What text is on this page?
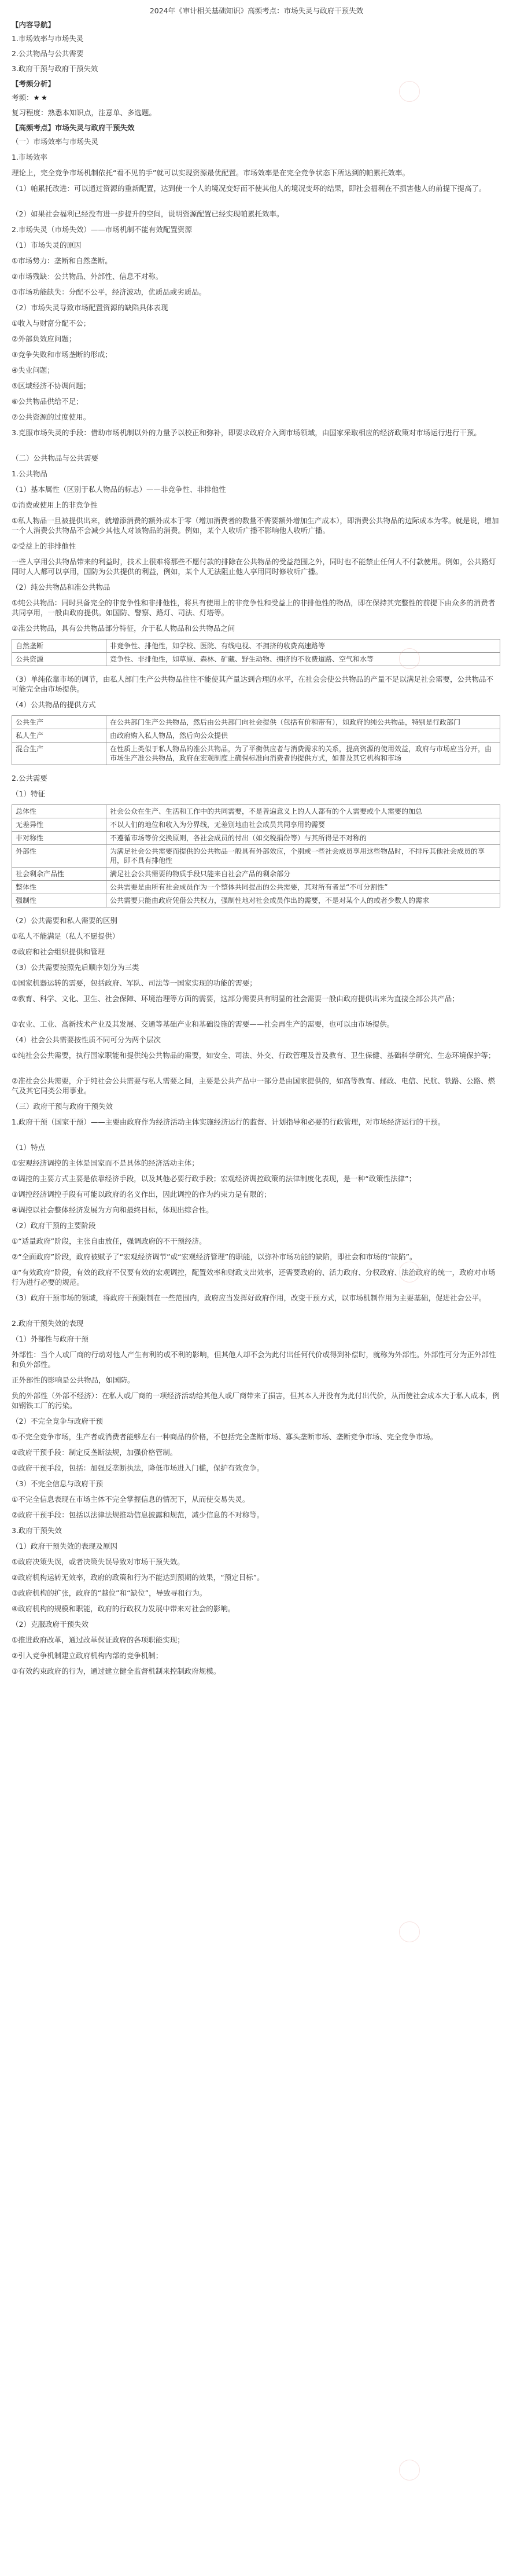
2024年《审计相关基础知识》高频考点：市场失灵与政府干预失效
【内容导航】
1.市场效率与市场失灵
2.公共物品与公共需要
3.政府干预与政府干预失效
【考频分析】
考频：★★
复习程度：熟悉本知识点，注意单、多选题。
【高频考点】市场失灵与政府干预失效
（一）市场效率与市场失灵
1.市场效率
理论上，完全竞争市场机制依托“看不见的手”就可以实现资源最优配置。市场效率是在完全竞争状态下所达到的帕累托效率。
（1）帕累托改进：可以通过资源的重新配置，达到使一个人的境况变好而不使其他人的境况变坏的结果，即社会福利在不损害他人的前提下提高了。
（2）如果社会福利已经没有进一步提升的空间，说明资源配置已经实现帕累托效率。
2.市场失灵（市场失效）——市场机制不能有效配置资源
（1）市场失灵的原因
①市场势力：垄断和自然垄断。
②市场残缺：公共物品、外部性、信息不对称。
③市场功能缺失：分配不公平，经济波动，优质品或劣质品。
（2）市场失灵导致市场配置资源的缺陷具体表现
①收入与财富分配不公；
②外部负效应问题；
③竞争失败和市场垄断的形成；
④失业问题；
⑤区域经济不协调问题；
⑥公共物品供给不足；
⑦公共资源的过度使用。
3.克服市场失灵的手段：借助市场机制以外的力量予以校正和弥补，即要求政府介入到市场领域，由国家采取相应的经济政策对市场运行进行干预。
（二）公共物品与公共需要
1.公共物品
（1）基本属性（区别于私人物品的标志）——非竞争性、非排他性
①消费或使用上的非竞争性
①私人物品一旦被提供出来，就增添消费的额外成本于零（增加消费者的数量不需要额外增加生产成本），即消费公共物品的边际成本为零。就是说，增加一个人消费公共物品不会减少其他人对该物品的消费。例如，某个人收听广播不影响他人收听广播。
②受益上的非排他性
一些人享用公共物品带来的利益时，技术上很难将那些不愿付款的排除在公共物品的受益范围之外，同时也不能禁止任何人不付款使用。例如，公共路灯同时人人都可以享用，国防为公共提供的利益，例如，某个人无法阻止他人享用同时修收听广播。
（2）纯公共物品和准公共物品
①纯公共物品：同时具备完全的非竞争性和非排他性，将具有使用上的非竞争性和受益上的非排他性的物品，即在保持其完整性的前提下由众多的消费者共同享用，一般由政府提供。如国防、警察、路灯、司法、灯塔等。
②准公共物品，具有公共物品部分特征，介于私人物品和公共物品之间
自然垄断	非竞争性、排他性，如学校、医院、有线电视、不拥挤的收费高速路等
公共资源	竞争性、非排他性，如草原、森林、矿藏、野生动物、拥挤的不收费道路、空气和水等
（3）单纯依靠市场的调节，由私人部门生产公共物品往往不能使其产量达到合理的水平，在社会会使公共物品的产量不足以满足社会需要，公共物品不可能完全由市场提供。
（4）公共物品的提供方式
公共生产	在公共部门生产公共物品，然后由公共部门向社会提供（包括有价和带有），如政府的纯公共物品，特别是行政部门
私人生产	由政府购入私人物品，然后向公众提供
混合生产	在性质上类似于私人物品的准公共物品，为了平衡供应者与消费需求的关系，提高资源的使用效益，政府与市场应当分开，由市场生产准公共物品，政府在宏观制度上确保标准向消费者的提供方式，如普及其它机构和市场
2.公共需要
（1）特征
总体性	社会公众在生产、生活和工作中的共同需要，不是普遍意义上的人人都有的个人需要或个人需要的加总
无差异性	不以人们的地位和收入为分界线，无差别地由社会成员共同享用的需要
非对称性	不遵循市场等价交换原则，各社会成员的付出（如交税捐份等）与其所得是不对称的
外部性	为满足社会公共需要而提供的公共物品一般具有外部效应，个别或一些社会成员享用这些物品时，不排斥其他社会成员的享用，即不具有排他性
社会剩余产品性	满足社会公共需要的物质手段只能来自社会产品的剩余部分
整体性	公共需要是由所有社会成员作为一个整体共同提出的公共需要，其对所有者是“不可分割性”
强制性	公共需要只能由政府凭借公共权力，强制性地对社会成员作出的需要，不是对某个人的或者少数人的需求
（2）公共需要和私人需要的区别
①私人不能满足（私人不愿提供）
②政府和社会组织提供和管理
（3）公共需要按照先后顺序划分为三类
①国家机器运转的需要，包括政府、军队、司法等一国家实现的功能的需要；
②教育、科学、文化、卫生、社会保障、环境治理等方面的需要，这部分需要具有明显的社会需要一般由政府提供出来为直接全部公共产品；
③农业、工业、高新技术产业及其发展、交通等基础产业和基础设施的需要——社会再生产的需要，也可以由市场提供。
（4）社会公共需要按性质不同可分为两个层次
①纯社会公共需要，执行国家职能和提供纯公共物品的需要，如安全、司法、外交、行政管理及普及教育、卫生保健、基础科学研究、生态环境保护等；
②准社会公共需要，介于纯社会公共需要与私人需要之间，主要是公共产品中一部分是由国家提供的，如高等教育、邮政、电信、民航、铁路、公路、燃气及其它同类公用事业。
（三）政府干预与政府干预失效
1.政府干预（国家干预）——主要由政府作为经济活动主体实施经济运行的监督、计划指导和必要的行政管理，对市场经济运行的干预。
（1）特点
①宏观经济调控的主体是国家而不是具体的经济活动主体；
②调控的主要方式主要是依靠经济手段，以及其他必要行政手段；宏观经济调控政策的法律制度化表现，是一种“政策性法律”；
③调控经济调控手段有可能以政府的名义作出，因此调控的作为约束力是有限的；
④调控以社会整体经济发展为方向和最终目标，体现出综合性。
（2）政府干预的主要阶段
①“适量政府”阶段，主张自由放任，强调政府的不干预经济。
②“全面政府”阶段，政府被赋予了“宏观经济调节”或“宏观经济管理”的职能，以弥补市场功能的缺陷，即社会和市场的“缺陷”。
③“有效政府”阶段，有效的政府不仅要有效的宏观调控，配置效率和财政支出效率，还需要政府的、活力政府、分权政府、法治政府的统一，政府对市场行为进行必要的规范。
（3）政府干预市场的领域，将政府干预限制在一些范围内，政府应当发挥好政府作用，改变干预方式，以市场机制作用为主要基础，促进社会公平。
2.政府干预失效的表现
（1）外部性与政府干预
外部性：当个人或厂商的行动对他人产生有利的或不利的影响，但其他人却不会为此付出任何代价或得到补偿时，就称为外部性。外部性可分为正外部性和负外部性。
正外部性的影响是公共物品，如国防。
负的外部性（外部不经济）：在私人或厂商的一项经济活动给其他人或厂商带来了损害，但其本人并没有为此付出代价，从而使社会成本大于私人成本，例如钢铁工厂的污染。
（2）不完全竞争与政府干预
①不完全竞争市场，生产者或消费者能够左右一种商品的价格，不包括完全垄断市场、寡头垄断市场、垄断竞争市场、完全竞争市场。
②政府干预手段：制定反垄断法规，加强价格管制。
③政府干预手段，包括：加强反垄断执法，降低市场进入门槛，保护有效竞争。
（3）不完全信息与政府干预
①不完全信息表现在市场主体不完全掌握信息的情况下，从而使交易失灵。
②政府干预手段：包括以法律法规推动信息披露和规范，减少信息的不对称等。
3.政府干预失效
（1）政府干预失效的表现及原因
①政府决策失误，或者决策失误导致对市场干预失效。
②政府机构运转无效率，政府的政策和行为不能达到预期的效果，“预定目标”。
③政府机构的扩张，政府的“越位”和“缺位”，导致寻租行为。
④政府机构的规模和职能，政府的行政权力发展中带来对社会的影响。
（2）克服政府干预失效
①推进政府改革，通过改革保证政府的各项职能实现；
②引入竞争机制建立政府机构内部的竞争机制；
③有效约束政府的行为，通过建立健全监督机制来控制政府规模。
